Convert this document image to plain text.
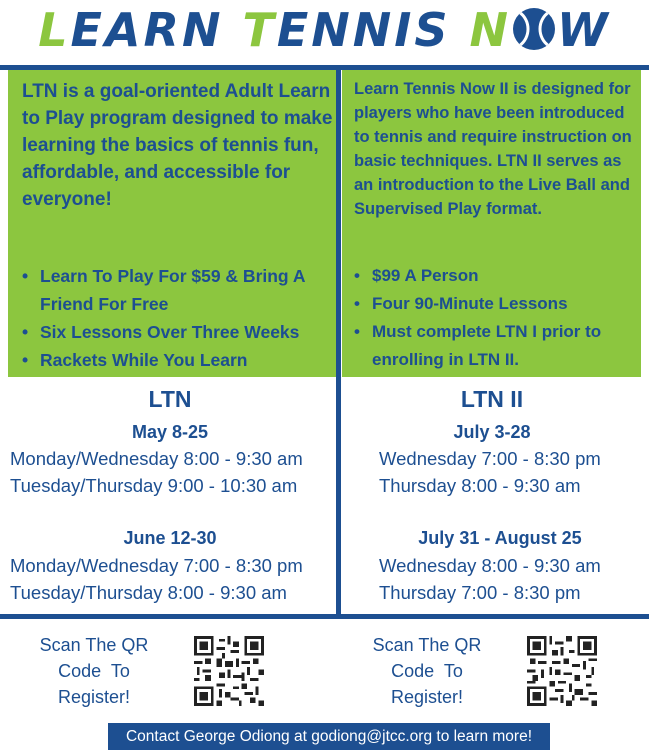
LEARN TENNIS N W
LTN is a goal-oriented Adult Learn to Play program designed to make learning the basics of tennis fun, affordable, and accessible for everyone!
• Learn To Play For $59 & Bring A Friend For Free
• Six Lessons Over Three Weeks
• Rackets While You Learn
Learn Tennis Now II is designed for players who have been introduced to tennis and require instruction on basic techniques. LTN II serves as an introduction to the Live Ball and Supervised Play format.
• $99 A Person
• Four 90-Minute Lessons
• Must complete LTN I prior to enrolling in LTN II.
LTN
May 8-25
Monday/Wednesday 8:00 - 9:30 am
Tuesday/Thursday 9:00 - 10:30 am
June 12-30
Monday/Wednesday 7:00 - 8:30 pm
Tuesday/Thursday 8:00 - 9:30 am
LTN II
July 3-28
Wednesday 7:00 - 8:30 pm
Thursday 8:00 - 9:30 am
July 31 - August 25
Wednesday 8:00 - 9:30 am
Thursday 7:00 - 8:30 pm
Scan The QR
Code  To
Register!
Scan The QR
Code  To
Register!
Contact George Odiong at godiong@jtcc.org to learn more!
